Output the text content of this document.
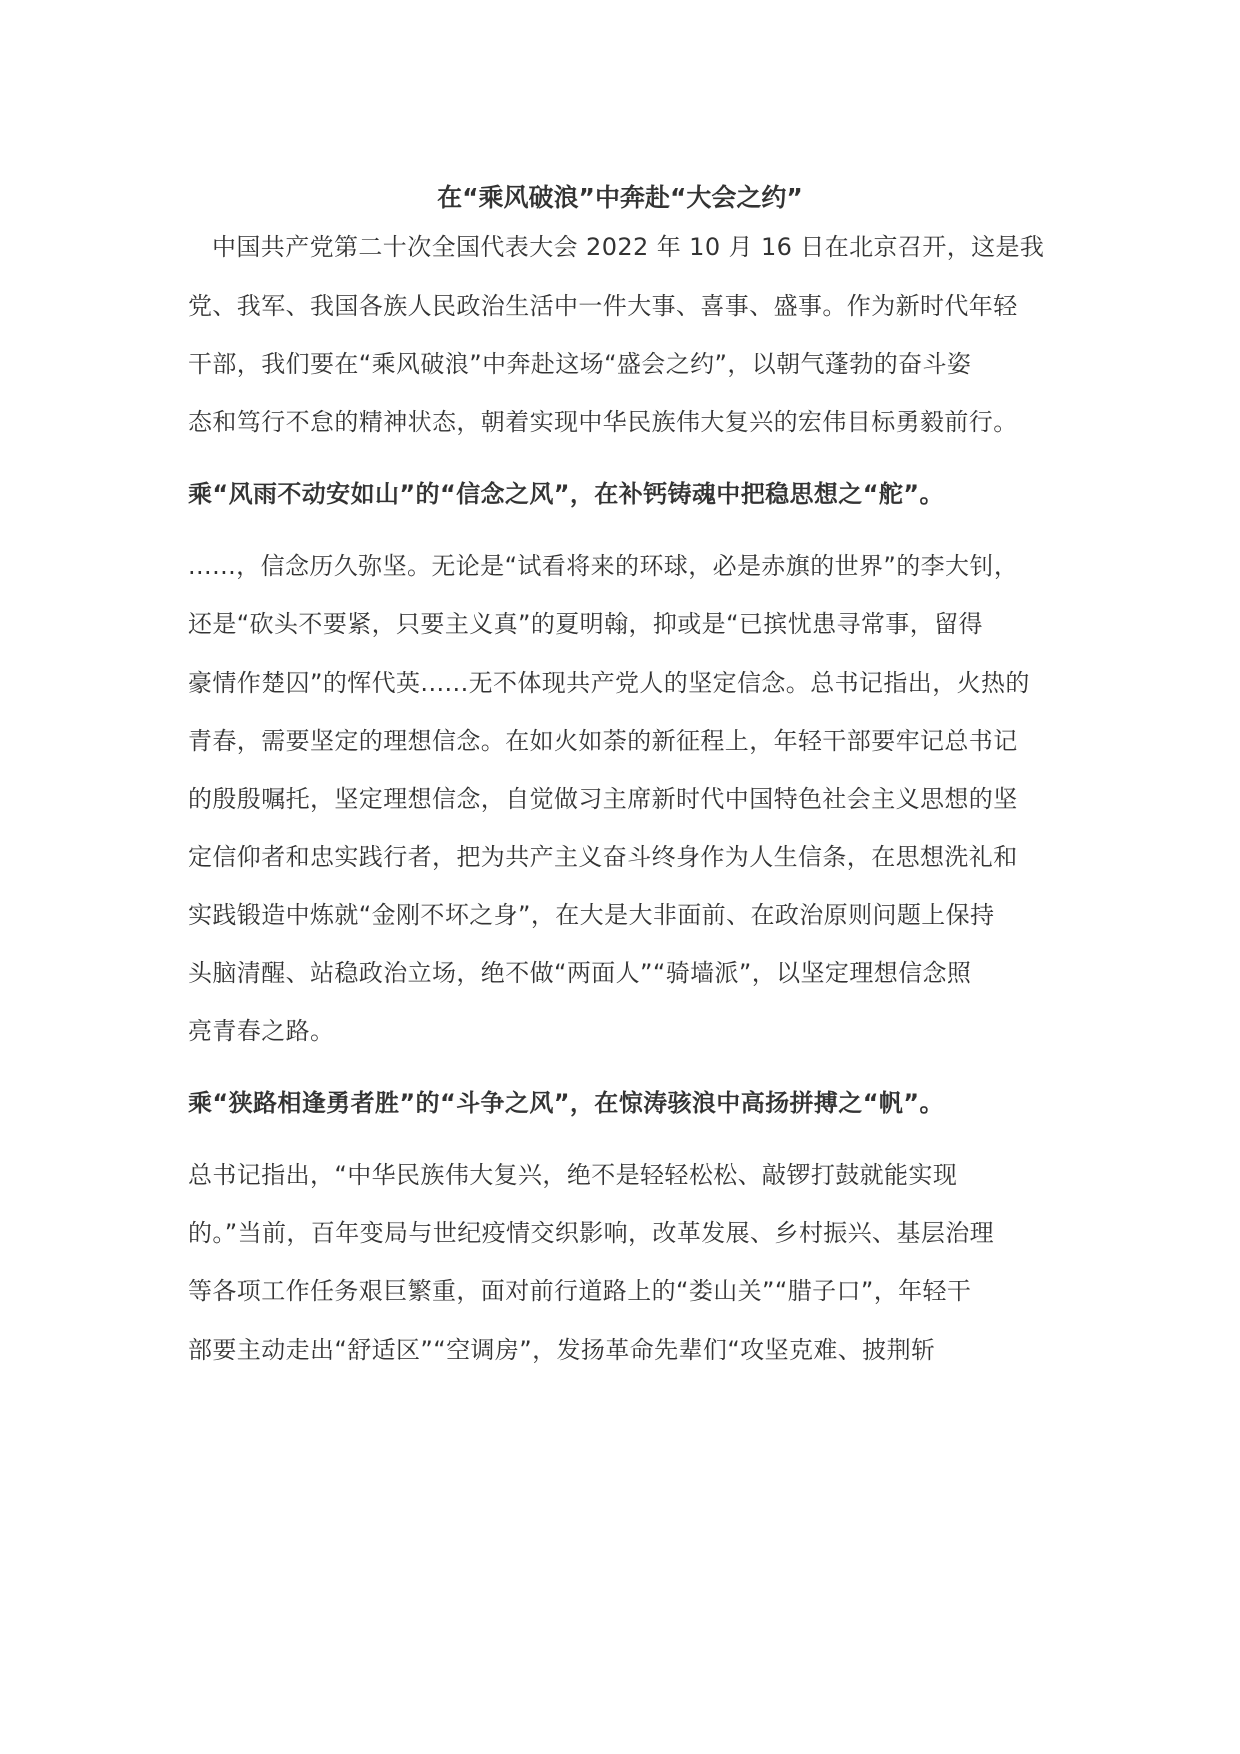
在“乘风破浪”中奔赴“大会之约”
中国共产党第二十次全国代表大会 2022 年 10 月 16 日在北京召开，这是我
党、我军、我国各族人民政治生活中一件大事、喜事、盛事。作为新时代年轻
干部，我们要在“乘风破浪”中奔赴这场“盛会之约”，以朝气蓬勃的奋斗姿
态和笃行不怠的精神状态，朝着实现中华民族伟大复兴的宏伟目标勇毅前行。
乘“风雨不动安如山”的“信念之风”，在补钙铸魂中把稳思想之“舵”。
......，信念历久弥坚。无论是“试看将来的环球，必是赤旗的世界”的李大钊，
还是“砍头不要紧，只要主义真”的夏明翰，抑或是“已摈忧患寻常事，留得
豪情作楚囚”的恽代英......无不体现共产党人的坚定信念。总书记指出，火热的
青春，需要坚定的理想信念。在如火如荼的新征程上，年轻干部要牢记总书记
的殷殷嘱托，坚定理想信念，自觉做习主席新时代中国特色社会主义思想的坚
定信仰者和忠实践行者，把为共产主义奋斗终身作为人生信条，在思想洗礼和
实践锻造中炼就“金刚不坏之身”，在大是大非面前、在政治原则问题上保持
头脑清醒、站稳政治立场，绝不做“两面人”“骑墙派”，以坚定理想信念照
亮青春之路。
乘“狭路相逢勇者胜”的“斗争之风”，在惊涛骇浪中高扬拼搏之“帆”。
总书记指出，“中华民族伟大复兴，绝不是轻轻松松、敲锣打鼓就能实现
的。”当前，百年变局与世纪疫情交织影响，改革发展、乡村振兴、基层治理
等各项工作任务艰巨繁重，面对前行道路上的“娄山关”“腊子口”，年轻干
部要主动走出“舒适区”“空调房”，发扬革命先辈们“攻坚克难、披荆斩
